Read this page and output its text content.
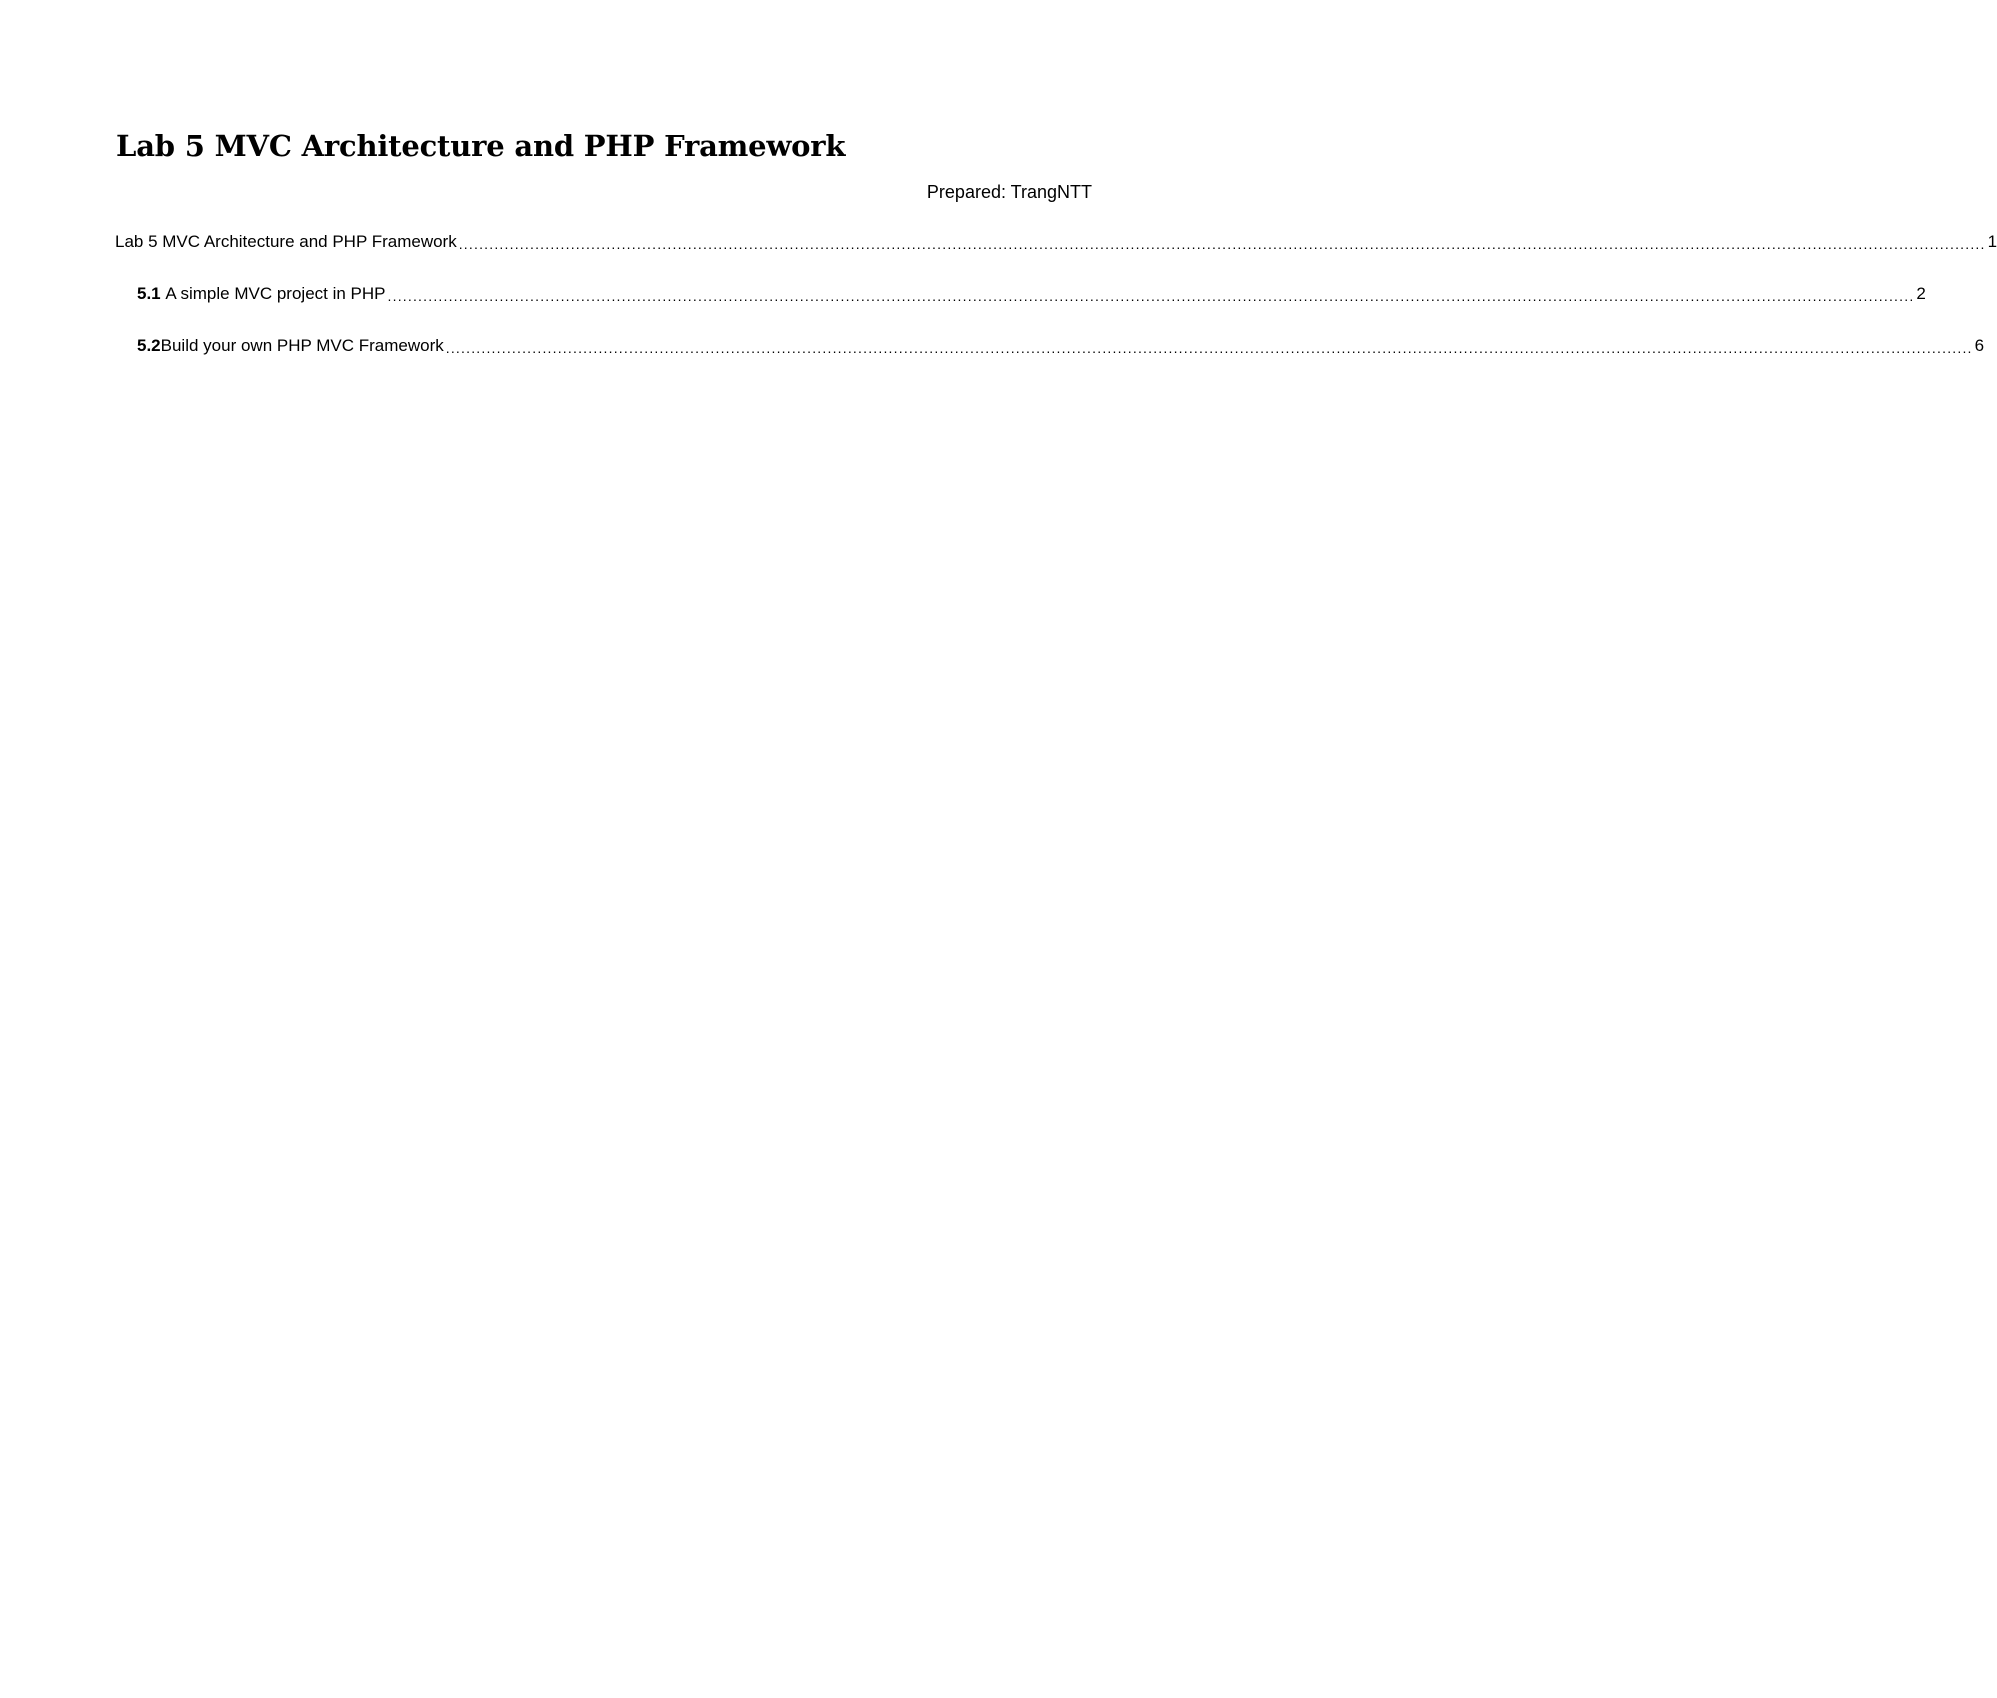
Lab 5 MVC Architecture and PHP Framework
Prepared: TrangNTT
Lab 5 MVC Architecture and PHP Framework ............................................................................................................................................................................................................................................................................................................ 1
5.1 A simple MVC project in PHP ............................................................................................................................................................................................................................................................................................................ 2
5.2 Build your own PHP MVC Framework ............................................................................................................................................................................................................................................................................................................ 6
